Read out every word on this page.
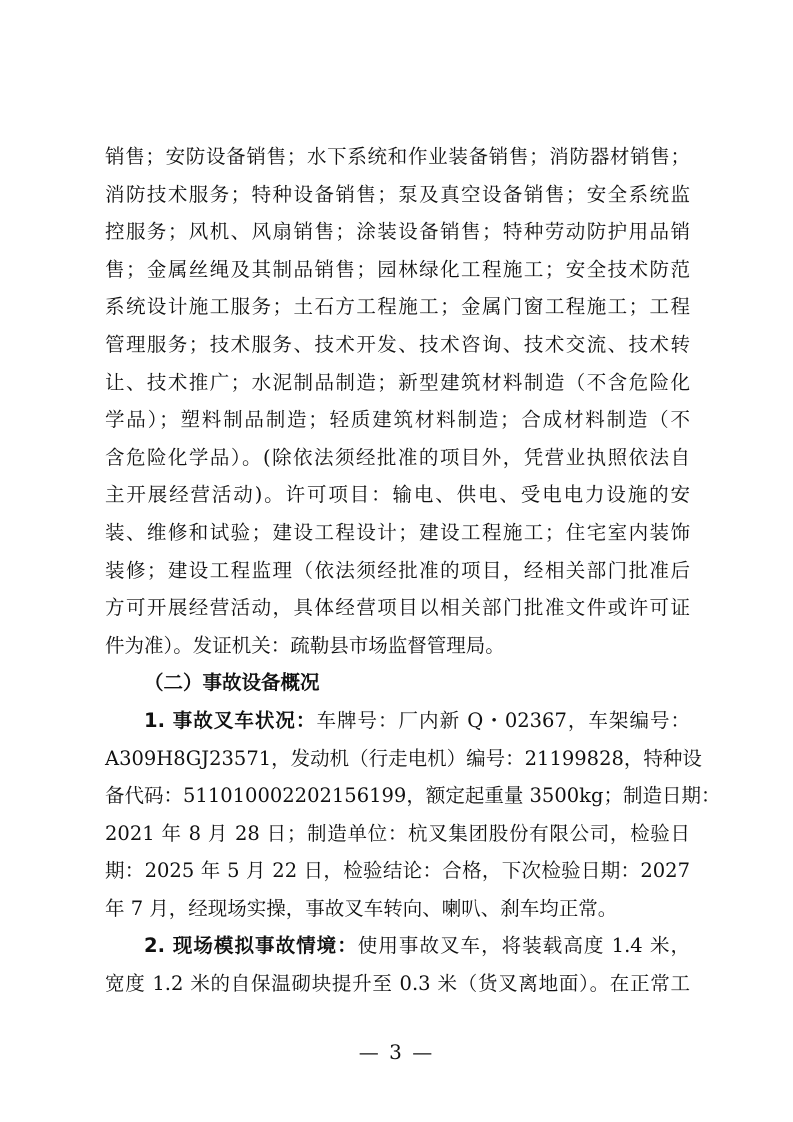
销售；安防设备销售；水下系统和作业装备销售；消防器材销售；
消防技术服务；特种设备销售；泵及真空设备销售；安全系统监
控服务；风机、风扇销售；涂装设备销售；特种劳动防护用品销
售；金属丝绳及其制品销售；园林绿化工程施工；安全技术防范
系统设计施工服务；土石方工程施工；金属门窗工程施工；工程
管理服务；技术服务、技术开发、技术咨询、技术交流、技术转
让、技术推广；水泥制品制造；新型建筑材料制造（不含危险化
学品）；塑料制品制造；轻质建筑材料制造；合成材料制造（不
含危险化学品）。(除依法须经批准的项目外，凭营业执照依法自
主开展经营活动)。许可项目：输电、供电、受电电力设施的安
装、维修和试验；建设工程设计；建设工程施工；住宅室内装饰
装修；建设工程监理（依法须经批准的项目，经相关部门批准后
方可开展经营活动，具体经营项目以相关部门批准文件或许可证
件为准）。发证机关：疏勒县市场监督管理局。
（二）事故设备概况
1. 事故叉车状况：车牌号：厂内新 Q・02367，车架编号：
A309H8GJ23571，发动机（行走电机）编号：21199828，特种设
备代码：511010002202156199，额定起重量 3500kg；制造日期：
2021 年 8 月 28 日；制造单位：杭叉集团股份有限公司，检验日
期：2025 年 5 月 22 日，检验结论：合格，下次检验日期：2027
年 7 月，经现场实操，事故叉车转向、喇叭、刹车均正常。
2. 现场模拟事故情境：使用事故叉车，将装载高度 1.4 米，
宽度 1.2 米的自保温砌块提升至 0.3 米（货叉离地面）。在正常工
— 3 —
